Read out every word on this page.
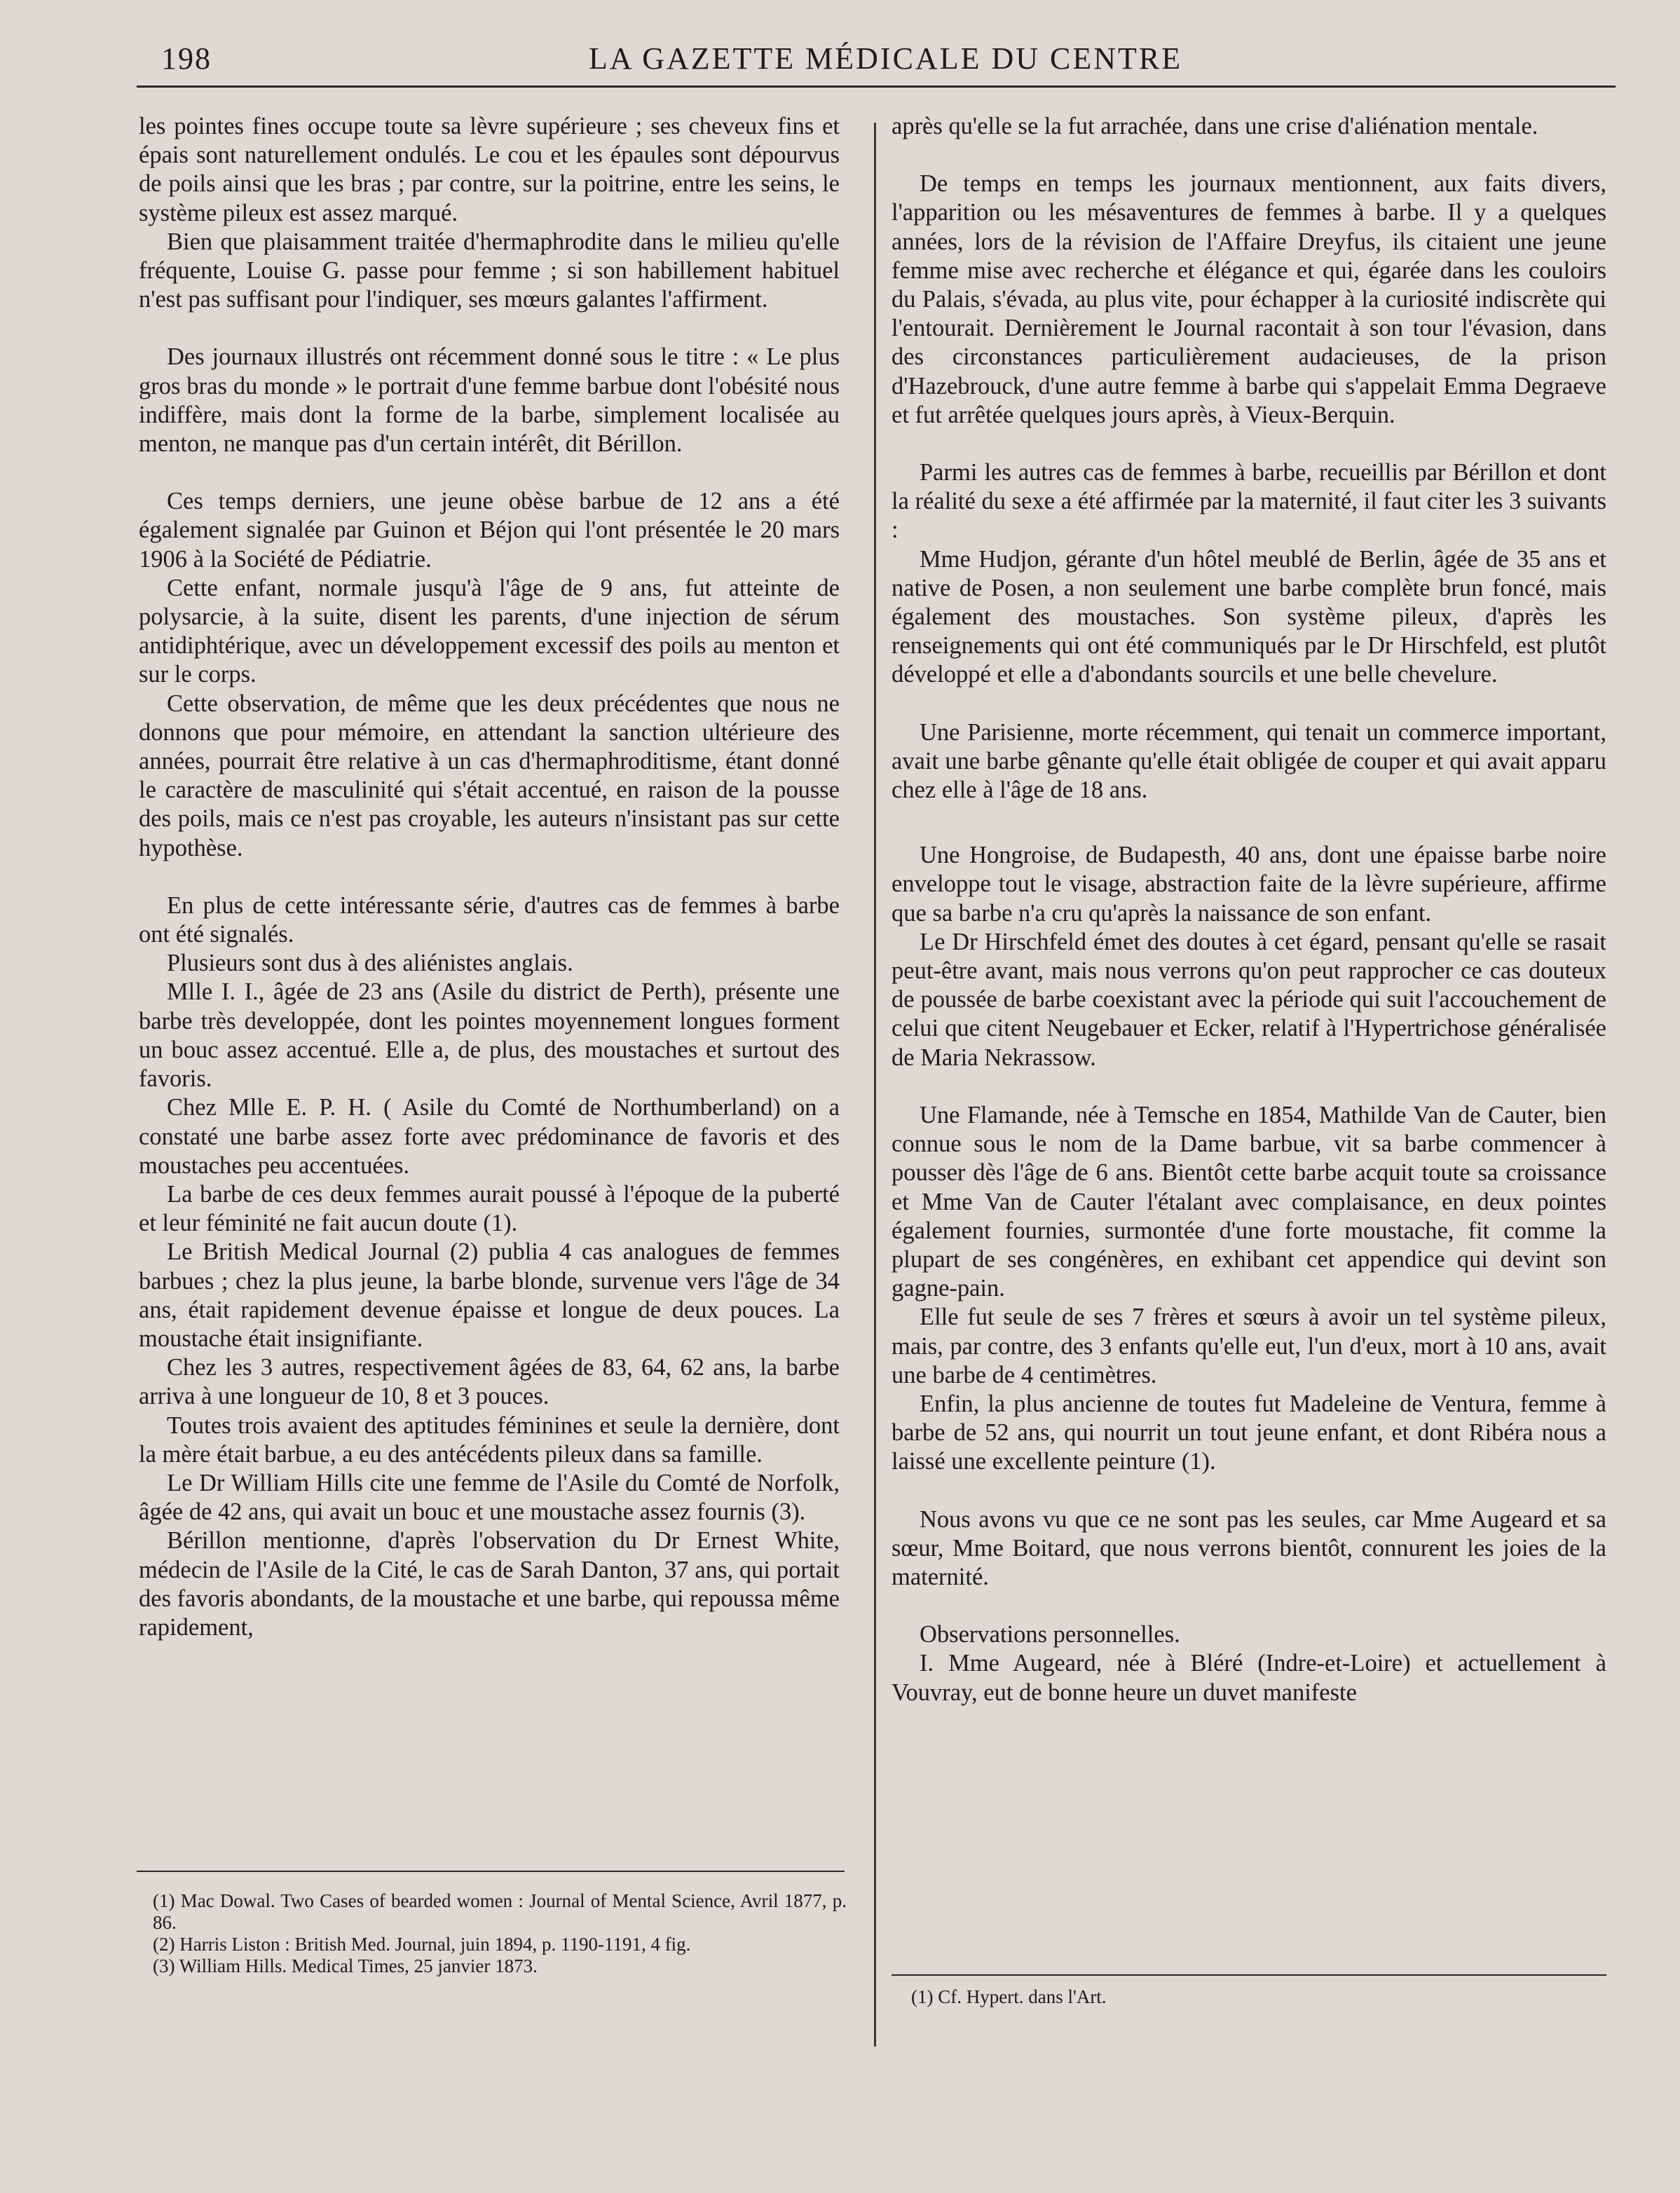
198	LA GAZETTE MÉDICALE DU CENTRE

les pointes fines occupe toute sa lèvre supérieure ; ses cheveux fins et épais sont naturellement ondulés. Le cou et les épaules sont dépourvus de poils ainsi que les bras ; par contre, sur la poitrine, entre les seins, le système pileux est assez marqué.

Bien que plaisamment traitée d'hermaphrodite dans le milieu qu'elle fréquente, Louise G. passe pour femme ; si son habillement habituel n'est pas suffisant pour l'indiquer, ses mœurs galantes l'affirment.

Des journaux illustrés ont récemment donné sous le titre : « Le plus gros bras du monde » le portrait d'une femme barbue dont l'obésité nous indiffère, mais dont la forme de la barbe, simplement localisée au menton, ne manque pas d'un certain intérêt, dit Bérillon.

Ces temps derniers, une jeune obèse barbue de 12 ans a été également signalée par Guinon et Béjon qui l'ont présentée le 20 mars 1906 à la Société de Pédiatrie.

Cette enfant, normale jusqu'à l'âge de 9 ans, fut atteinte de polysarcie, à la suite, disent les parents, d'une injection de sérum antidiphtérique, avec un développement excessif des poils au menton et sur le corps.

Cette observation, de même que les deux précédentes que nous ne donnons que pour mémoire, en attendant la sanction ultérieure des années, pourrait être relative à un cas d'hermaphroditisme, étant donné le caractère de masculinité qui s'était accentué, en raison de la pousse des poils, mais ce n'est pas croyable, les auteurs n'insistant pas sur cette hypothèse.

En plus de cette intéressante série, d'autres cas de femmes à barbe ont été signalés.

Plusieurs sont dus à des aliénistes anglais.

Mlle I. I., âgée de 23 ans (Asile du district de Perth), présente une barbe très developpée, dont les pointes moyennement longues forment un bouc assez accentué. Elle a, de plus, des moustaches et surtout des favoris.

Chez Mlle E. P. H. ( Asile du Comté de Northumberland) on a constaté une barbe assez forte avec prédominance de favoris et des moustaches peu accentuées.

La barbe de ces deux femmes aurait poussé à l'époque de la puberté et leur féminité ne fait aucun doute (1).

Le British Medical Journal (2) publia 4 cas analogues de femmes barbues ; chez la plus jeune, la barbe blonde, survenue vers l'âge de 34 ans, était rapidement devenue épaisse et longue de deux pouces. La moustache était insignifiante.

Chez les 3 autres, respectivement âgées de 83, 64, 62 ans, la barbe arriva à une longueur de 10, 8 et 3 pouces.

Toutes trois avaient des aptitudes féminines et seule la dernière, dont la mère était barbue, a eu des antécédents pileux dans sa famille.

Le Dr William Hills cite une femme de l'Asile du Comté de Norfolk, âgée de 42 ans, qui avait un bouc et une moustache assez fournis (3).

Bérillon mentionne, d'après l'observation du Dr Ernest White, médecin de l'Asile de la Cité, le cas de Sarah Danton, 37 ans, qui portait des favoris abondants, de la moustache et une barbe, qui repoussa même rapidement,

après qu'elle se la fut arrachée, dans une crise d'aliénation mentale.

De temps en temps les journaux mentionnent, aux faits divers, l'apparition ou les mésaventures de femmes à barbe. Il y a quelques années, lors de la révision de l'Affaire Dreyfus, ils citaient une jeune femme mise avec recherche et élégance et qui, égarée dans les couloirs du Palais, s'évada, au plus vite, pour échapper à la curiosité indiscrète qui l'entourait. Dernièrement le Journal racontait à son tour l'évasion, dans des circonstances particulièrement audacieuses, de la prison d'Hazebrouck, d'une autre femme à barbe qui s'appelait Emma Degraeve et fut arrêtée quelques jours après, à Vieux-Berquin.

Parmi les autres cas de femmes à barbe, recueillis par Bérillon et dont la réalité du sexe a été affirmée par la maternité, il faut citer les 3 suivants :

Mme Hudjon, gérante d'un hôtel meublé de Berlin, âgée de 35 ans et native de Posen, a non seulement une barbe complète brun foncé, mais également des moustaches. Son système pileux, d'après les renseignements qui ont été communiqués par le Dr Hirschfeld, est plutôt développé et elle a d'abondants sourcils et une belle chevelure.

Une Parisienne, morte récemment, qui tenait un commerce important, avait une barbe gênante qu'elle était obligée de couper et qui avait apparu chez elle à l'âge de 18 ans.

Une Hongroise, de Budapesth, 40 ans, dont une épaisse barbe noire enveloppe tout le visage, abstraction faite de la lèvre supérieure, affirme que sa barbe n'a cru qu'après la naissance de son enfant.

Le Dr Hirschfeld émet des doutes à cet égard, pensant qu'elle se rasait peut-être avant, mais nous verrons qu'on peut rapprocher ce cas douteux de poussée de barbe coexistant avec la période qui suit l'accouchement de celui que citent Neugebauer et Ecker, relatif à l'Hypertrichose généralisée de Maria Nekrassow.

Une Flamande, née à Temsche en 1854, Mathilde Van de Cauter, bien connue sous le nom de la Dame barbue, vit sa barbe commencer à pousser dès l'âge de 6 ans. Bientôt cette barbe acquit toute sa croissance et Mme Van de Cauter l'étalant avec complaisance, en deux pointes également fournies, surmontée d'une forte moustache, fit comme la plupart de ses congénères, en exhibant cet appendice qui devint son gagne-pain.

Elle fut seule de ses 7 frères et sœurs à avoir un tel système pileux, mais, par contre, des 3 enfants qu'elle eut, l'un d'eux, mort à 10 ans, avait une barbe de 4 centimètres.

Enfin, la plus ancienne de toutes fut Madeleine de Ventura, femme à barbe de 52 ans, qui nourrit un tout jeune enfant, et dont Ribéra nous a laissé une excellente peinture (1).

Nous avons vu que ce ne sont pas les seules, car Mme Augeard et sa sœur, Mme Boitard, que nous verrons bientôt, connurent les joies de la maternité.

Observations personnelles.

I. Mme Augeard, née à Bléré (Indre-et-Loire) et actuellement à Vouvray, eut de bonne heure un duvet manifeste

(1) Mac Dowal. Two Cases of bearded women : Journal of Mental Science, Avril 1877, p. 86.

(2) Harris Liston : British Med. Journal, juin 1894, p. 1190-1191, 4 fig.

(3) William Hills. Medical Times, 25 janvier 1873.

(1) Cf. Hypert. dans l'Art.
